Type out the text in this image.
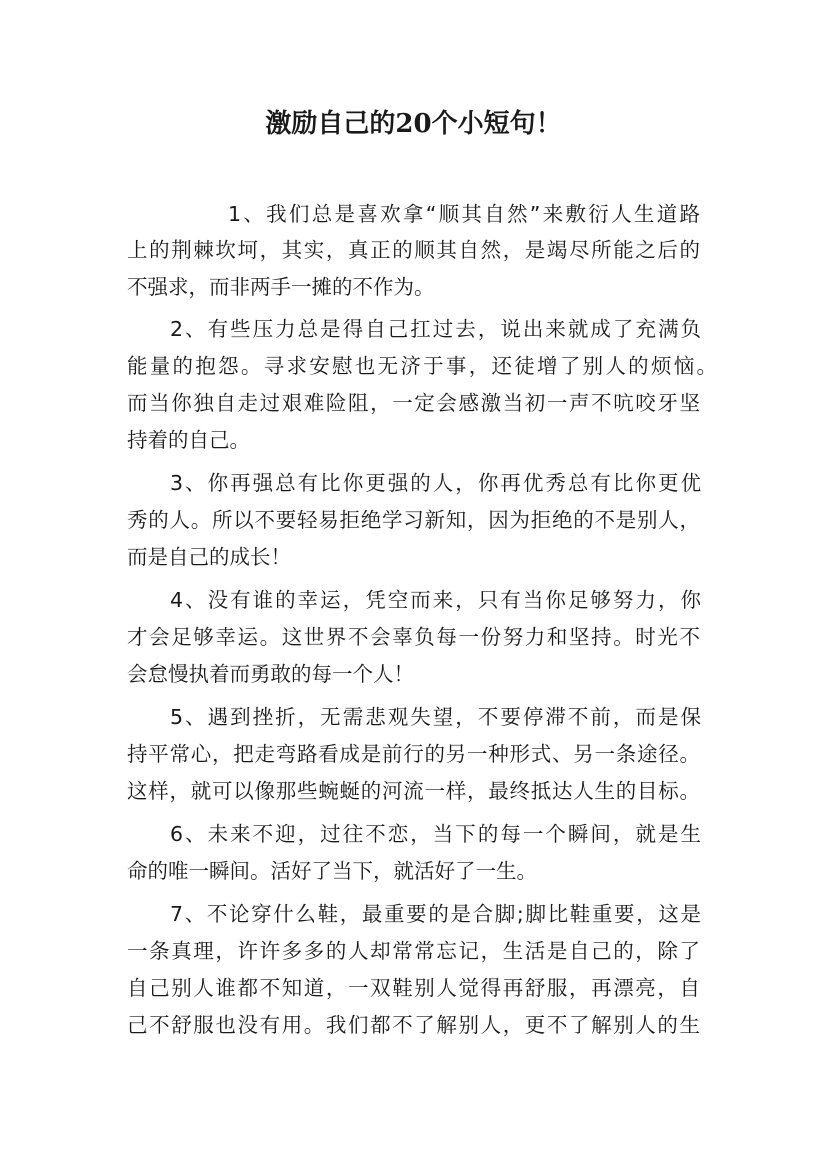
激励自己的20个小短句！
1、我们总是喜欢拿“顺其自然”来敷衍人生道路
上的荆棘坎坷，其实，真正的顺其自然，是竭尽所能之后的
不强求，而非两手一摊的不作为。
2、有些压力总是得自己扛过去，说出来就成了充满负
能量的抱怨。寻求安慰也无济于事，还徒增了别人的烦恼。
而当你独自走过艰难险阻，一定会感激当初一声不吭咬牙坚
持着的自己。
3、你再强总有比你更强的人，你再优秀总有比你更优
秀的人。所以不要轻易拒绝学习新知，因为拒绝的不是别人，
而是自己的成长！
4、没有谁的幸运，凭空而来，只有当你足够努力，你
才会足够幸运。这世界不会辜负每一份努力和坚持。时光不
会怠慢执着而勇敢的每一个人！
5、遇到挫折，无需悲观失望，不要停滞不前，而是保
持平常心，把走弯路看成是前行的另一种形式、另一条途径。
这样，就可以像那些蜿蜒的河流一样，最终抵达人生的目标。
6、未来不迎，过往不恋，当下的每一个瞬间，就是生
命的唯一瞬间。活好了当下，就活好了一生。
7、不论穿什么鞋，最重要的是合脚;脚比鞋重要，这是
一条真理，许许多多的人却常常忘记，生活是自己的，除了
自己别人谁都不知道，一双鞋别人觉得再舒服，再漂亮，自
己不舒服也没有用。我们都不了解别人，更不了解别人的生
